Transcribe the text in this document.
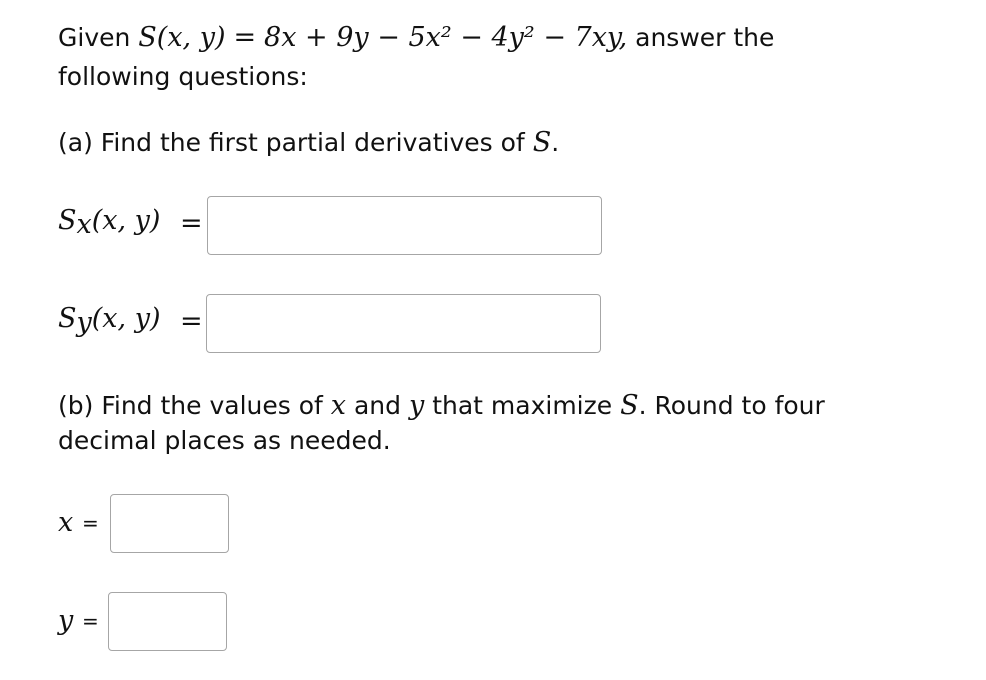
Given S(x, y) = 8x + 9y − 5x² − 4y² − 7xy, answer the
following questions:
(a) Find the first partial derivatives of S.
$S_x(x$, y) =
$S_y(x$, y) =
(b) Find the values of x and y that maximize S. Round to four
decimal places as needed.
x =
y =
